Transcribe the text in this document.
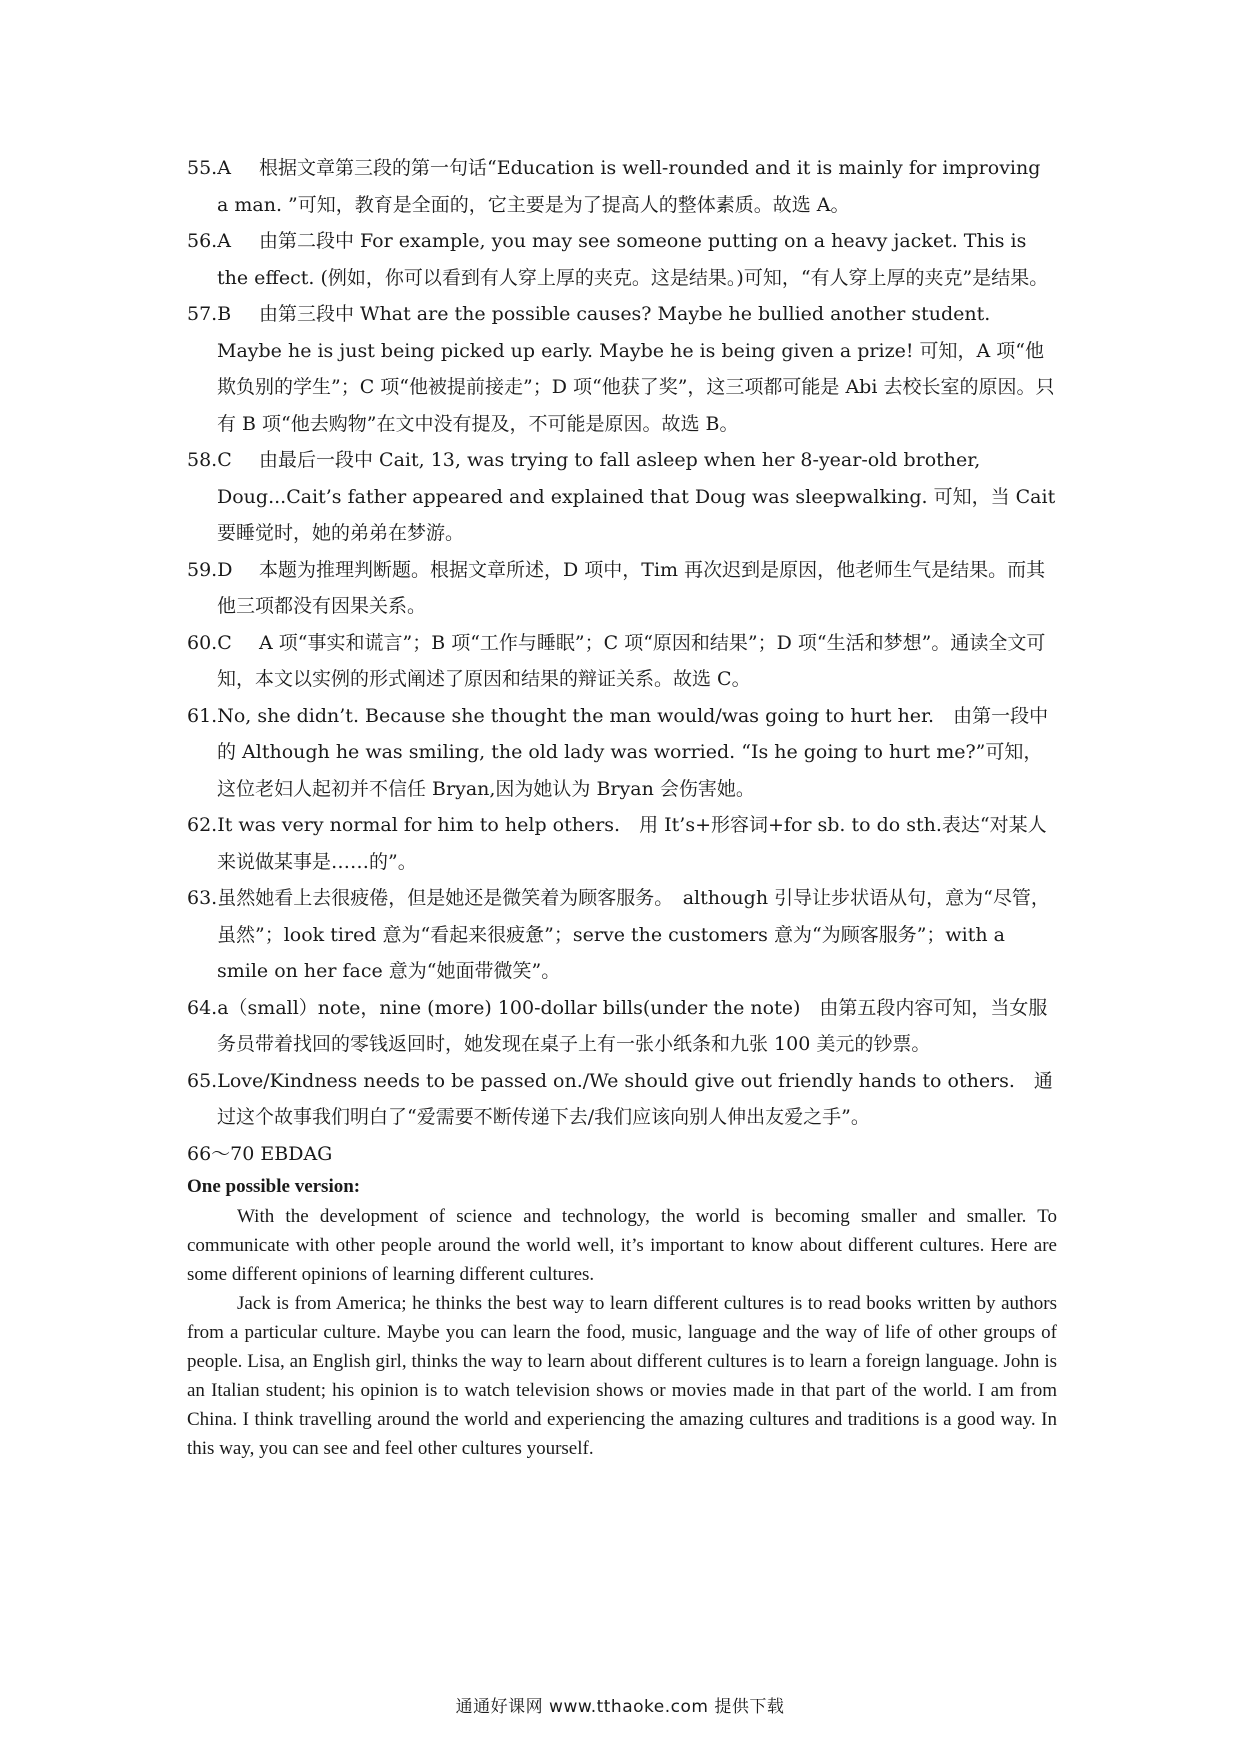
55.A	根据文章第三段的第一句话“Education is well-rounded and it is mainly for improving a man. ”可知，教育是全面的，它主要是为了提高人的整体素质。故选 A。
56.A	由第二段中 For example, you may see someone putting on a heavy jacket. This is the effect. (例如，你可以看到有人穿上厚的夹克。这是结果。)可知，“有人穿上厚的夹克”是结果。
57.B	由第三段中 What are the possible causes? Maybe he bullied another student. Maybe he is just being picked up early. Maybe he is being given a prize! 可知，A 项“他欺负别的学生”；C 项“他被提前接走”；D 项“他获了奖”，这三项都可能是 Abi 去校长室的原因。只有 B 项“他去购物”在文中没有提及，不可能是原因。故选 B。
58.C	由最后一段中 Cait, 13, was trying to fall asleep when her 8-year-old brother, Doug...Cait’s father appeared and explained that Doug was sleepwalking. 可知，当 Cait 要睡觉时，她的弟弟在梦游。
59.D	本题为推理判断题。根据文章所述，D 项中，Tim 再次迟到是原因，他老师生气是结果。而其他三项都没有因果关系。
60.C	A 项“事实和谎言”；B 项“工作与睡眠”；C 项“原因和结果”；D 项“生活和梦想”。通读全文可知，本文以实例的形式阐述了原因和结果的辩证关系。故选 C。
61.No, she didn’t. Because she thought the man would/was going to hurt her.　由第一段中的 Although he was smiling, the old lady was worried. “Is he going to hurt me?”可知，这位老妇人起初并不信任 Bryan,因为她认为 Bryan 会伤害她。
62.It was very normal for him to help others.　用 It’s+形容词+for sb. to do sth.表达“对某人来说做某事是……的”。
63.虽然她看上去很疲倦，但是她还是微笑着为顾客服务。　although 引导让步状语从句，意为“尽管，虽然”；look tired 意为“看起来很疲惫”；serve the customers 意为“为顾客服务”；with a smile on her face 意为“她面带微笑”。
64.a（small）note，nine (more) 100-dollar bills(under the note)　由第五段内容可知，当女服务员带着找回的零钱返回时，她发现在桌子上有一张小纸条和九张 100 美元的钞票。
65.Love/Kindness needs to be passed on./We should give out friendly hands to others.　通过这个故事我们明白了“爱需要不断传递下去/我们应该向别人伸出友爱之手”。
66～70 EBDAG
One possible version:

With the development of science and technology, the world is becoming smaller and smaller. To communicate with other people around the world well, it’s important to know about different cultures. Here are some different opinions of learning different cultures.

Jack is from America; he thinks the best way to learn different cultures is to read books written by authors from a particular culture. Maybe you can learn the food, music, language and the way of life of other groups of people. Lisa, an English girl, thinks the way to learn about different cultures is to learn a foreign language. John is an Italian student; his opinion is to watch television shows or movies made in that part of the world. I am from China. I think travelling around the world and experiencing the amazing cultures and traditions is a good way. In this way, you can see and feel other cultures yourself.

通通好课网 www.tthaoke.com 提供下载
